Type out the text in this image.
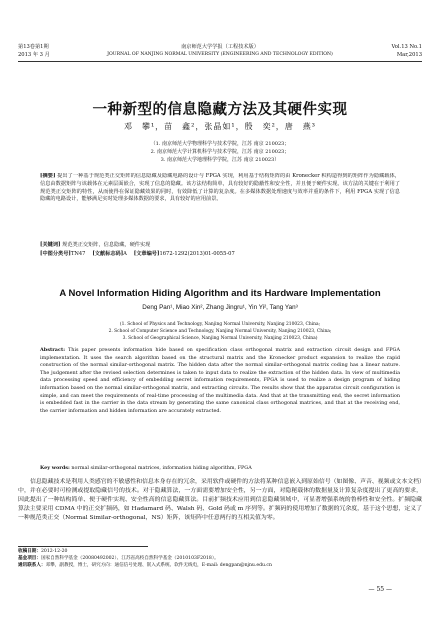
第13卷第1期	南京师范大学学报（工程技术版）	Vol.13 No.1
2013 年 3 月	JOURNAL OF NANJING NORMAL UNIVERSITY (ENGINEERING AND TECHNOLOGY EDITION)	Mar,2013
一种新型的信息隐藏方法及其硬件实现
邓　攀¹，苗　鑫²，张晶如¹，殷　奕²，唐　燕³
（1. 南京师范大学物理科学与技术学院，江苏 南京 210023；
2. 南京师范大学计算机科学与技术学院，江苏 南京 210023；
3. 南京师范大学地理科学学院，江苏 南京 210023）
[摘要] 提出了一种基于规范类正交矩阵的信息隐藏及隐藏电路的设计与 FPGA 实现，利用基于结构矩阵的由 Kronecker 积构造得到的矩阵作为隐藏载体，信息由数据矩阵与该载体在元素层面嵌合，实现了信息的隐藏。该方法结构简单，具有较好的隐蔽性和安全性，并且便于硬件实现。该方法的关键在于利用了规范类正交矩阵的特性，从而使得在保证隐藏效果的同时，有效降低了计算的复杂度。在多媒体数据处理速度与效率并重的条件下，利用 FPGA 实现了信息隐藏的电路设计，能够满足实时处理多媒体数据的要求，具有较好的应用前景。
[关键词] 规范类正交矩阵，信息隐藏，硬件实现
[中图分类号]TN47 　 [文献标志码]A 　 [文章编号]1672-1292(2013)01-0055-07
A Novel Information Hiding Algorithm and its Hardware Implementation
Deng Pan¹, Miao Xin², Zhang Jingru¹, Yin Yi², Tang Yan³
(1. School of Physics and Technology, Nanjing Normal University, Nanjing 210023, China;
2. School of Computer Science and Technology, Nanjing Normal University, Nanjing 210023, China;
3. School of Geographical Science, Nanjing Normal University, Nanjing 210023, China)
Abstract: This paper presents information hide based on specification class orthogonal matrix and extraction circuit design and FPGA implementation. It uses the search algorithm based on the structural matrix and the Kronecker product expansion to realize the rapid construction of the normal similar-orthogonal matrix. The hidden data after the normal similar-orthogonal matrix coding has a linear nature. The judgement after the revised selection determines is taken to input data to realize the extraction of the hidden data. In view of multimedia data processing speed and efficiency of embedding secret information requirements, FPGA is used to realize a design program of hiding information based on the normal similar-orthogonal matrix, and extracting circuits. The results show that the apparatus circuit configuration is simple, and can meet the requirements of real-time processing of the multimedia data. And that at the transmitting end, the secret information is embedded fast in the carrier in the data stream by generating the same canonical class orthogonal matrices, and that at the receiving end, the carrier information and hidden information are accurately extracted.
Key words: normal similar-orthogonal matrices, information hiding algorithm, FPGA
信息隐藏技术是利用人类感官的不敏感性和信息本身存在的冗余，采用软件或硬件的方法将某种信息嵌入到原始信号（如图像、声音、视频或文本文档）中，并在必要时可检测或提取隐藏信号的技术。对于隐藏算法，一方面需要增加安全性，另一方面，对隐秘载体的数据量及计算复杂度提出了更高的要求，因此提出了一种结构简单、便于硬件实现、安全性高的信息隐藏算法。目前扩频技术应用到信息隐藏领域中，可显著增强系统的鲁棒性和安全性。扩频隐藏算法主要采用 CDMA 中的正交扩频码，如 Hadamard 码、Walsh 码、Gold 码或 m 序列等。扩频码的使用增加了数据的冗余度，基于这个思想，定义了一种规范类正交（Normal Similar-orthogonal，NS）矩阵，该矩阵中任意两行的互相关值为零。
收稿日期：2012-12-20
基金项目：国家自然科学基金（20080492002）、江苏省高校自然科学基金（2010103F2018）。
通讯联系人：邓攀，副教授，博士，研究方向：通信信号处理、嵌入式系统、软件无线电，E-mail: dengpan@njnu.edu.cn
— 55 —
